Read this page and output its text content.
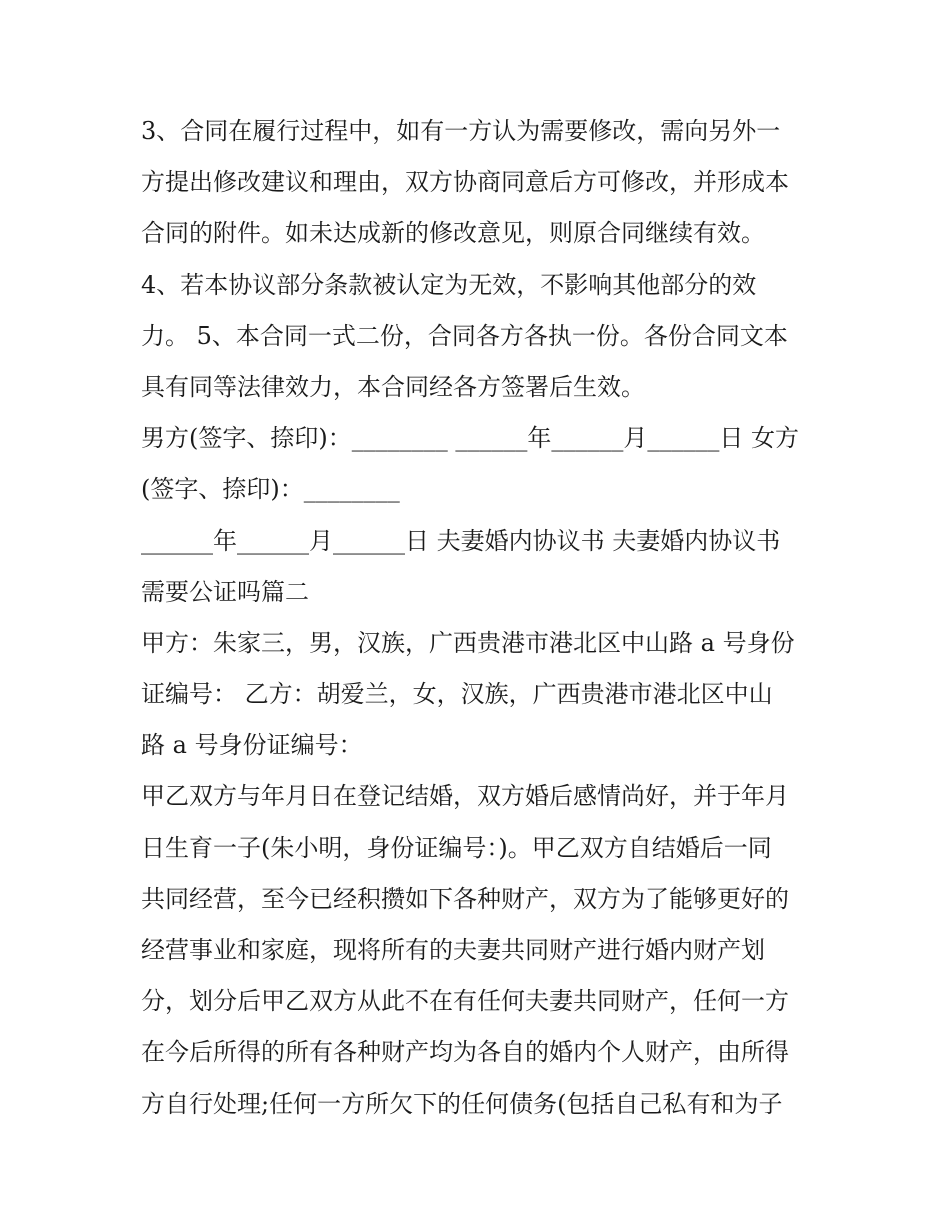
3、合同在履行过程中，如有一方认为需要修改，需向另外一
方提出修改建议和理由，双方协商同意后方可修改，并形成本
合同的附件。如未达成新的修改意见，则原合同继续有效。
4、若本协议部分条款被认定为无效，不影响其他部分的效
力。 5、本合同一式二份，合同各方各执一份。各份合同文本
具有同等法律效力，本合同经各方签署后生效。
男方(签字、捺印)：________ ______年______月______日 女方
(签字、捺印)：________
______年______月______日 夫妻婚内协议书 夫妻婚内协议书
需要公证吗篇二
甲方：朱家三，男，汉族，广西贵港市港北区中山路 a 号身份
证编号： 乙方：胡爱兰，女，汉族，广西贵港市港北区中山
路 a 号身份证编号：
甲乙双方与年月日在登记结婚，双方婚后感情尚好，并于年月
日生育一子(朱小明，身份证编号：)。甲乙双方自结婚后一同
共同经营，至今已经积攒如下各种财产，双方为了能够更好的
经营事业和家庭，现将所有的夫妻共同财产进行婚内财产划
分，划分后甲乙双方从此不在有任何夫妻共同财产，任何一方
在今后所得的所有各种财产均为各自的婚内个人财产，由所得
方自行处理;任何一方所欠下的任何债务(包括自己私有和为子
